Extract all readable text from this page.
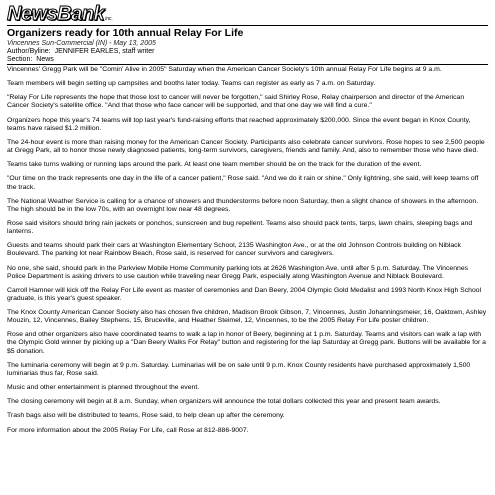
NewsBank inc.
Organizers ready for 10th annual Relay For Life
Vincennes Sun-Commercial (IN) - May 13, 2005
Author/Byline: JENNIFER EARLES, staff writer
Section: News

Vincennes' Gregg Park will be "Comin' Alive in 2005" Saturday when the American Cancer Society's 10th annual Relay For Life begins at 9 a.m.

Team members will begin setting up campsites and booths later today. Teams can register as early as 7 a.m. on Saturday.

"Relay For Life represents the hope that those lost to cancer will never be forgotten," said Shirley Rose, Relay chairperson and director of the American Cancer Society's satellite office. "And that those who face cancer will be supported, and that one day we will find a cure."

Organizers hope this year's 74 teams will top last year's fund-raising efforts that reached approximately $200,000. Since the event began in Knox County, teams have raised $1.2 million.

The 24-hour event is more than raising money for the American Cancer Society. Participants also celebrate cancer survivors. Rose hopes to see 2,500 people at Gregg Park, all to honor those newly diagnosed patients, long-term survivors, caregivers, friends and family. And, also to remember those who have died.

Teams take turns walking or running laps around the park. At least one team member should be on the track for the duration of the event.

"Our time on the track represents one day in the life of a cancer patient," Rose said. "And we do it rain or shine." Only lightning, she said, will keep teams off the track.

The National Weather Service is calling for a chance of showers and thunderstorms before noon Saturday, then a slight chance of showers in the afternoon. The high should be in the low 70s, with an overnight low near 48 degrees.

Rose said visitors should bring rain jackets or ponchos, sunscreen and bug repellent. Teams also should pack tents, tarps, lawn chairs, sleeping bags and lanterns.

Guests and teams should park their cars at Washington Elementary School, 2135 Washington Ave., or at the old Johnson Controls building on Niblack Boulevard. The parking lot near Rainbow Beach, Rose said, is reserved for cancer survivors and caregivers.

No one, she said, should park in the Parkview Mobile Home Community parking lots at 2626 Washington Ave. until after 5 p.m. Saturday. The Vincennes Police Department is asking drivers to use caution while traveling near Gregg Park, especially along Washington Avenue and Niblack Boulevard.

Carroll Hamner will kick off the Relay For Life event as master of ceremonies and Dan Beery, 2004 Olympic Gold Medalist and 1993 North Knox High School graduate, is this year's guest speaker.

The Knox County American Cancer Society also has chosen five children, Madison Brook Gibson, 7, Vincennes, Justin Johanningsmeier, 16, Oaktown, Ashley Mouzin, 12, Vincennes, Bailey Stephens, 15, Bruceville, and Heather Steimel, 12, Vincennes, to be the 2005 Relay For Life poster children.

Rose and other organizers also have coordinated teams to walk a lap in honor of Beery, beginning at 1 p.m. Saturday. Teams and visitors can walk a lap with the Olympic Gold winner by picking up a "Dan Beery Walks For Relay" button and registering for the lap Saturday at Gregg park. Buttons will be available for a $5 donation.

The luminaria ceremony will begin at 9 p.m. Saturday. Luminarias will be on sale until 9 p.m. Knox County residents have purchased approximately 1,500 luminarias thus far, Rose said.

Music and other entertainment is planned throughout the event.

The closing ceremony will begin at 8 a.m. Sunday, when organizers will announce the total dollars collected this year and present team awards.

Trash bags also will be distributed to teams, Rose said, to help clean up after the ceremony.

For more information about the 2005 Relay For Life, call Rose at 812-886-9007.
